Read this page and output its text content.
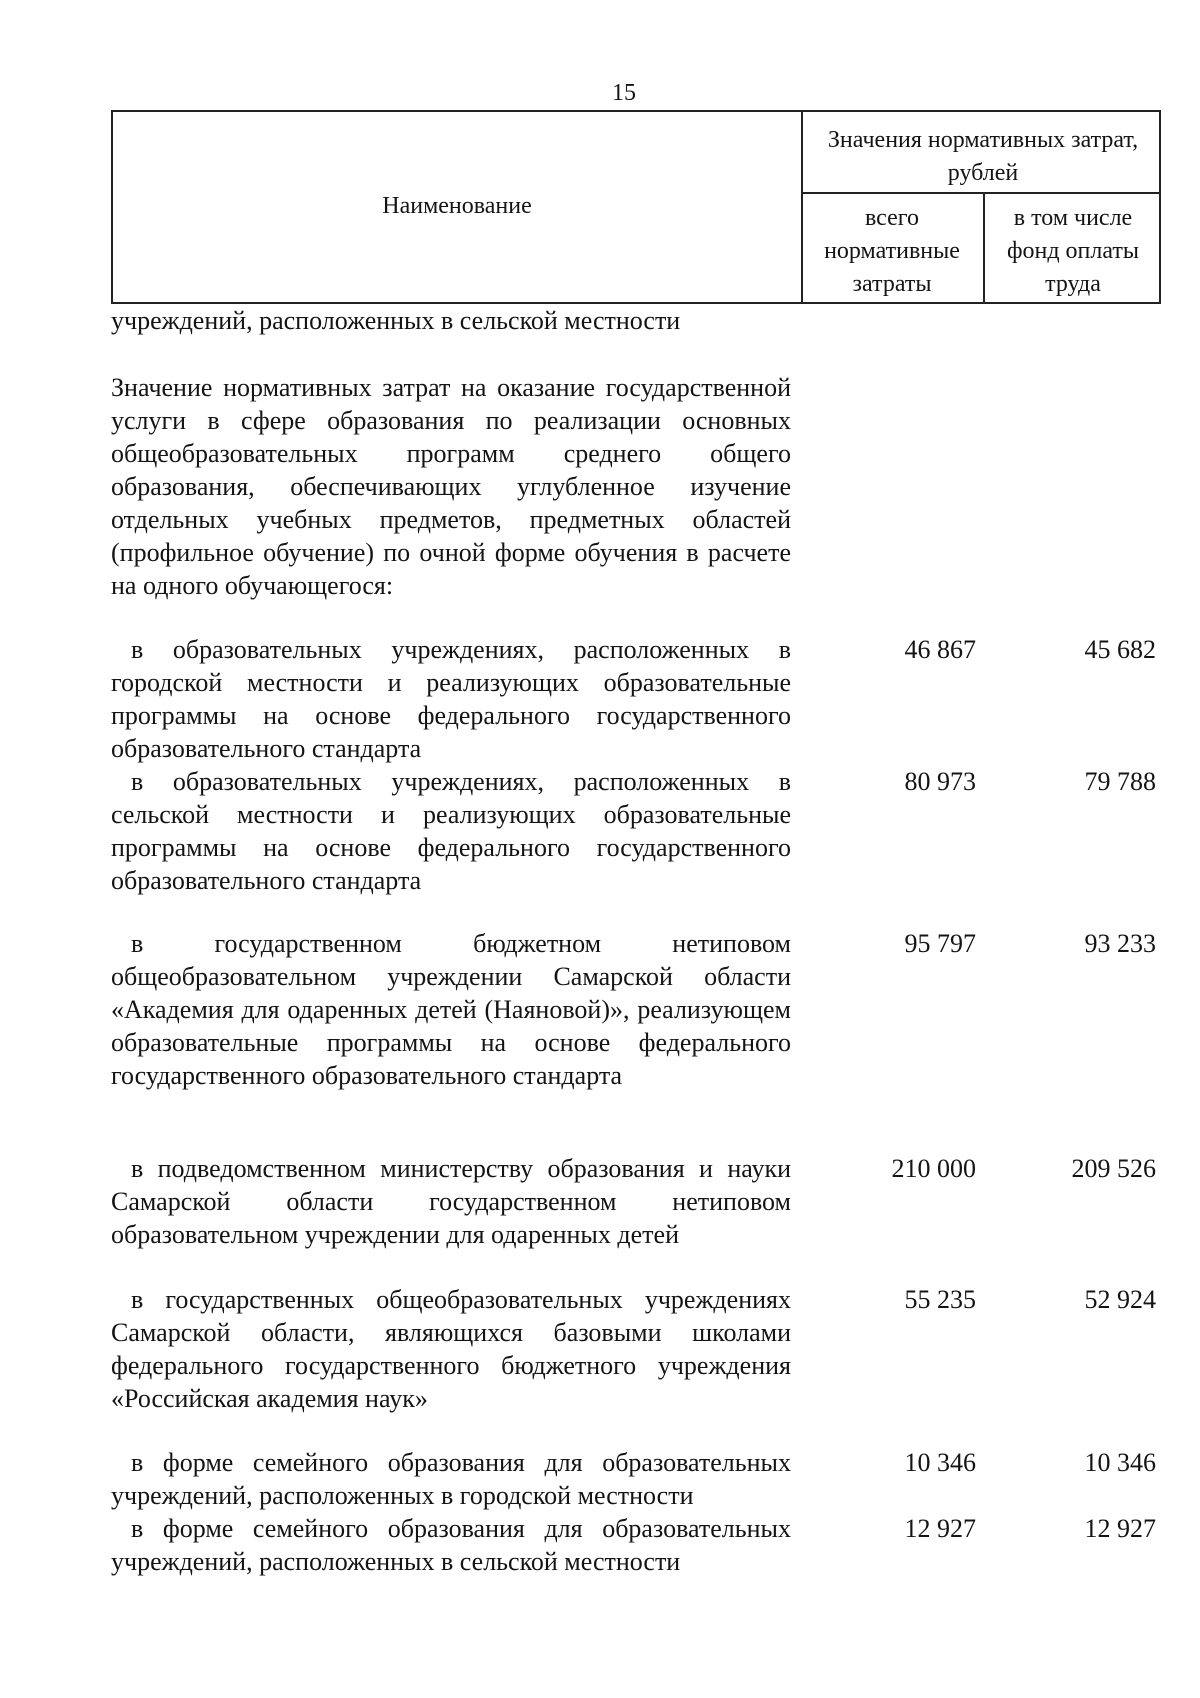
15
Наименование
Значения нормативных затрат, рублей
всего нормативные затраты
в том числе фонд оплаты труда
учреждений, расположенных в сельской местности
Значение нормативных затрат на оказание государственной услуги в сфере образования по реализации основных общеобразовательных программ среднего общего образования, обеспечивающих углубленное изучение отдельных учебных предметов, предметных областей (профильное обучение) по очной форме обучения в расчете на одного обучающегося:
в образовательных учреждениях, расположенных в городской местности и реализующих образовательные программы на основе федерального государственного образовательного стандарта
46 867	45 682
в образовательных учреждениях, расположенных в сельской местности и реализующих образовательные программы на основе федерального государственного образовательного стандарта
80 973	79 788
в государственном бюджетном нетиповом общеобразовательном учреждении Самарской области «Академия для одаренных детей (Наяновой)», реализующем образовательные программы на основе федерального государственного образовательного стандарта
95 797	93 233
в подведомственном министерству образования и науки Самарской области государственном нетиповом образовательном учреждении для одаренных детей
210 000	209 526
в государственных общеобразовательных учреждениях Самарской области, являющихся базовыми школами федерального государственного бюджетного учреждения «Российская академия наук»
55 235	52 924
в форме семейного образования для образовательных учреждений, расположенных в городской местности
10 346	10 346
в форме семейного образования для образовательных учреждений, расположенных в сельской местности
12 927	12 927
